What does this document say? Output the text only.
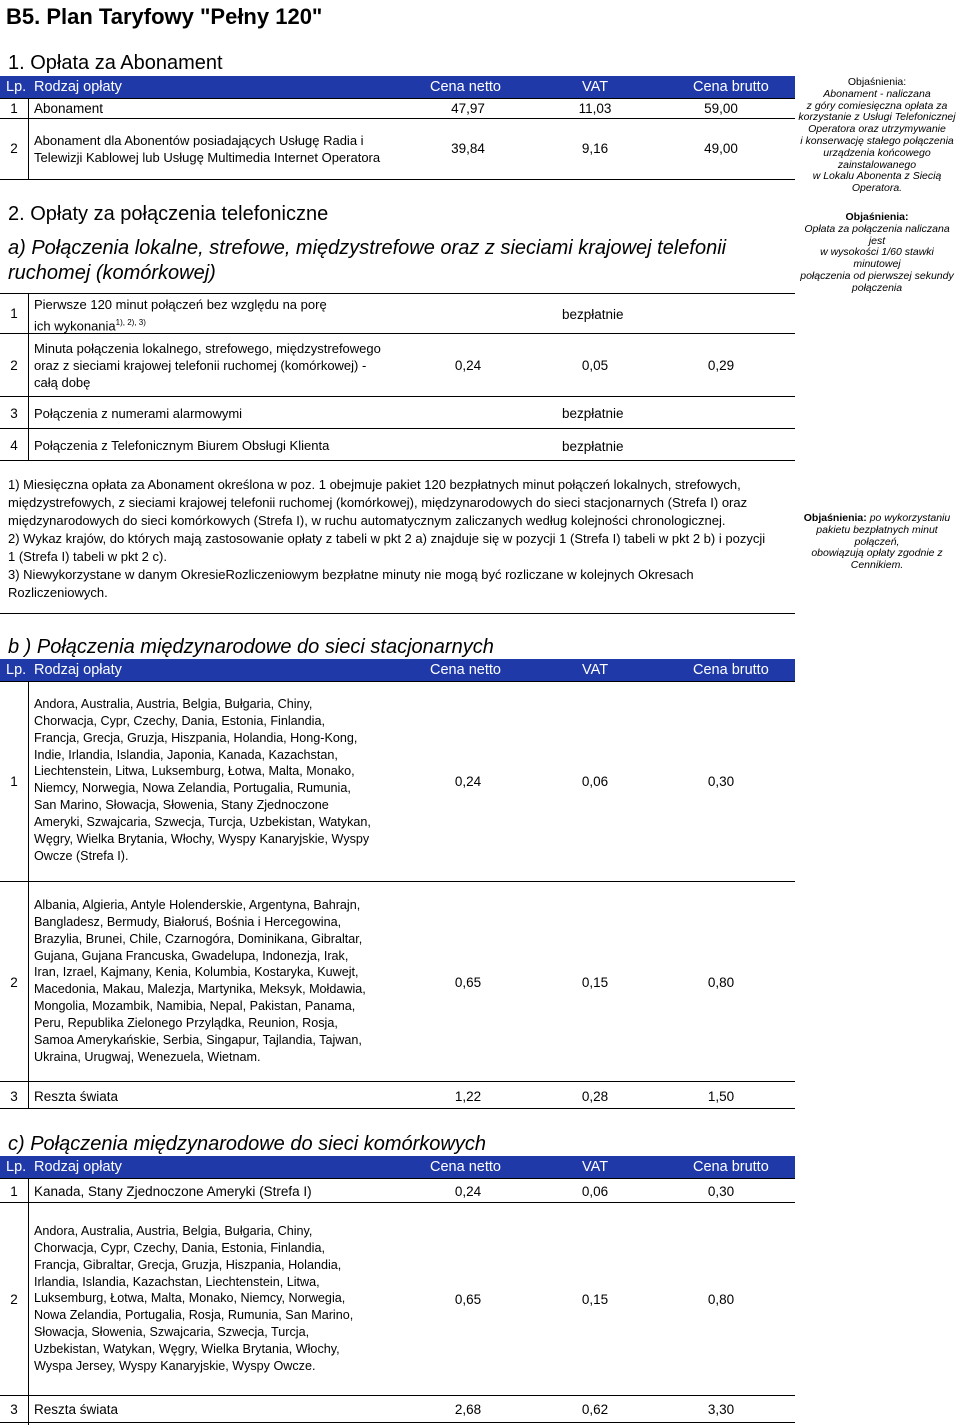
B5. Plan Taryfowy "Pełny 120"
1. Opłata za Abonament
Lp. Rodzaj opłaty	Cena netto	VAT	Cena brutto
1	Abonament	47,97	11,03	59,00
2
Abonament dla Abonentów posiadających Usługę Radia i
Telewizji Kablowej lub Usługę Multimedia Internet Operatora
39,84	9,16	49,00
2. Opłaty za połączenia telefoniczne
a) Połączenia lokalne, strefowe, międzystrefowe oraz z sieciami krajowej telefonii
ruchomej (komórkowej)
1
Pierwsze 120 minut połączeń bez względu na porę
ich wykonania$^{1), 2), 3)}$
bezpłatnie
2
Minuta połączenia lokalnego, strefowego, międzystrefowego
oraz z sieciami krajowej telefonii ruchomej (komórkowej) -
całą dobę
0,24	0,05	0,29
3	Połączenia z numerami alarmowymi	bezpłatnie
4	Połączenia z Telefonicznym Biurem Obsługi Klienta	bezpłatnie
1) Miesięczna opłata za Abonament określona w poz. 1 obejmuje pakiet 120 bezpłatnych minut połączeń lokalnych, strefowych,
międzystrefowych, z sieciami krajowej telefonii ruchomej (komórkowej), międzynarodowych do sieci stacjonarnych (Strefa I) oraz
międzynarodowych do sieci komórkowych (Strefa I), w ruchu automatycznym zaliczanych według kolejności chronologicznej.
2) Wykaz krajów, do których mają zastosowanie opłaty z tabeli w pkt 2 a) znajduje się w pozycji 1 (Strefa I) tabeli w pkt 2 b) i pozycji
1 (Strefa I) tabeli w pkt 2 c).
3) Niewykorzystane w danym OkresieRozliczeniowym bezpłatne minuty nie mogą być rozliczane w kolejnych Okresach
Rozliczeniowych.
b ) Połączenia międzynarodowe do sieci stacjonarnych
Lp. Rodzaj opłaty	Cena netto	VAT	Cena brutto
1
Andora, Australia, Austria, Belgia, Bułgaria, Chiny,
Chorwacja, Cypr, Czechy, Dania, Estonia, Finlandia,
Francja, Grecja, Gruzja, Hiszpania, Holandia, Hong-Kong,
Indie, Irlandia, Islandia, Japonia, Kanada, Kazachstan,
Liechtenstein, Litwa, Luksemburg, Łotwa, Malta, Monako,
Niemcy, Norwegia, Nowa Zelandia, Portugalia, Rumunia,
San Marino, Słowacja, Słowenia, Stany Zjednoczone
Ameryki, Szwajcaria, Szwecja, Turcja, Uzbekistan, Watykan,
Węgry, Wielka Brytania, Włochy, Wyspy Kanaryjskie, Wyspy
Owcze (Strefa I).
0,24	0,06	0,30
2
Albania, Algieria, Antyle Holenderskie, Argentyna, Bahrajn,
Bangladesz, Bermudy, Białoruś, Bośnia i Hercegowina,
Brazylia, Brunei, Chile, Czarnogóra, Dominikana, Gibraltar,
Gujana, Gujana Francuska, Gwadelupa, Indonezja, Irak,
Iran, Izrael, Kajmany, Kenia, Kolumbia, Kostaryka, Kuwejt,
Macedonia, Makau, Malezja, Martynika, Meksyk, Mołdawia,
Mongolia, Mozambik, Namibia, Nepal, Pakistan, Panama,
Peru, Republika Zielonego Przylądka, Reunion, Rosja,
Samoa Amerykańskie, Serbia, Singapur, Tajlandia, Tajwan,
Ukraina, Urugwaj, Wenezuela, Wietnam.
0,65	0,15	0,80
3	Reszta świata	1,22	0,28	1,50
c) Połączenia międzynarodowe do sieci komórkowych
Lp. Rodzaj opłaty	Cena netto	VAT	Cena brutto
1	Kanada, Stany Zjednoczone Ameryki (Strefa I)	0,24	0,06	0,30
2
Andora, Australia, Austria, Belgia, Bułgaria, Chiny,
Chorwacja, Cypr, Czechy, Dania, Estonia, Finlandia,
Francja, Gibraltar, Grecja, Gruzja, Hiszpania, Holandia,
Irlandia, Islandia, Kazachstan, Liechtenstein, Litwa,
Luksemburg, Łotwa, Malta, Monako, Niemcy, Norwegia,
Nowa Zelandia, Portugalia, Rosja, Rumunia, San Marino,
Słowacja, Słowenia, Szwajcaria, Szwecja, Turcja,
Uzbekistan, Watykan, Węgry, Wielka Brytania, Włochy,
Wyspa Jersey, Wyspy Kanaryjskie, Wyspy Owcze.
0,65	0,15	0,80
3	Reszta świata	2,68	0,62	3,30
Objaśnienia:
Abonament - naliczana
z góry comiesięczna opłata za
korzystanie z Usługi Telefonicznej
Operatora oraz utrzymywanie
i konserwację stałego połączenia
urządzenia końcowego
zainstalowanego
w Lokalu Abonenta z Siecią
Operatora.
Objaśnienia:
Opłata za połączenia naliczana jest
w wysokości 1/60 stawki minutowej
połączenia od pierwszej sekundy
połączenia
Objaśnienia: po wykorzystaniu
pakietu bezpłatnych minut połączeń,
obowiązują opłaty zgodnie z
Cennikiem.
